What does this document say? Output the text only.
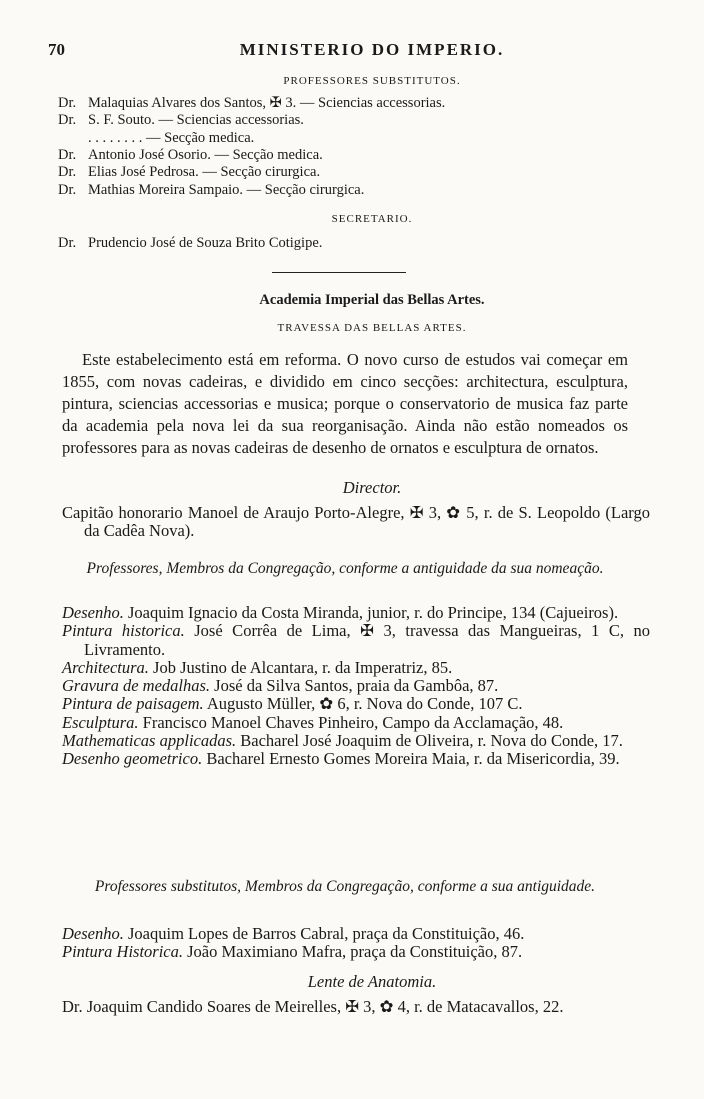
70	MINISTERIO DO IMPERIO.
PROFESSORES SUBSTITUTOS.
Dr. Malaquias Alvares dos Santos, ✠ 3. — Sciencias accessorias.
Dr. S. F. Souto. — Sciencias accessorias.
. . . . . . . . — Secção medica.
Dr. Antonio José Osorio. — Secção medica.
Dr. Elias José Pedrosa. — Secção cirurgica.
Dr. Mathias Moreira Sampaio. — Secção cirurgica.
SECRETARIO.
Dr. Prudencio José de Souza Brito Cotigipe.
Academia Imperial das Bellas Artes.
TRAVESSA DAS BELLAS ARTES.
Este estabelecimento está em reforma. O novo curso de estudos vai começar em 1855, com novas cadeiras, e dividido em cinco secções: architectura, esculptura, pintura, sciencias accessorias e musica; porque o conservatorio de musica faz parte da academia pela nova lei da sua reorganisação. Ainda não estão nomeados os professores para as novas cadeiras de desenho de ornatos e esculptura de ornatos.
Director.
Capitão honorario Manoel de Araujo Porto-Alegre, ✠ 3, ✿ 5, r. de S. Leopoldo (Largo da Cadêa Nova).
Professores, Membros da Congregação, conforme a antiguidade da sua nomeação.
Desenho. Joaquim Ignacio da Costa Miranda, junior, r. do Principe, 134 (Cajueiros).
Pintura historica. José Corrêa de Lima, ✠ 3, travessa das Mangueiras, 1 C, no Livramento.
Architectura. Job Justino de Alcantara, r. da Imperatriz, 85.
Gravura de medalhas. José da Silva Santos, praia da Gambôa, 87.
Pintura de paisagem. Augusto Müller, ✿ 6, r. Nova do Conde, 107 C.
Esculptura. Francisco Manoel Chaves Pinheiro, Campo da Acclamação, 48.
Mathematicas applicadas. Bacharel José Joaquim de Oliveira, r. Nova do Conde, 17.
Desenho geometrico. Bacharel Ernesto Gomes Moreira Maia, r. da Misericordia, 39.
Professores substitutos, Membros da Congregação, conforme a sua antiguidade.
Desenho. Joaquim Lopes de Barros Cabral, praça da Constituição, 46.
Pintura Historica. João Maximiano Mafra, praça da Constituição, 87.
Lente de Anatomia.
Dr. Joaquim Candido Soares de Meirelles, ✠ 3, ✿ 4, r. de Matacavallos, 22.
